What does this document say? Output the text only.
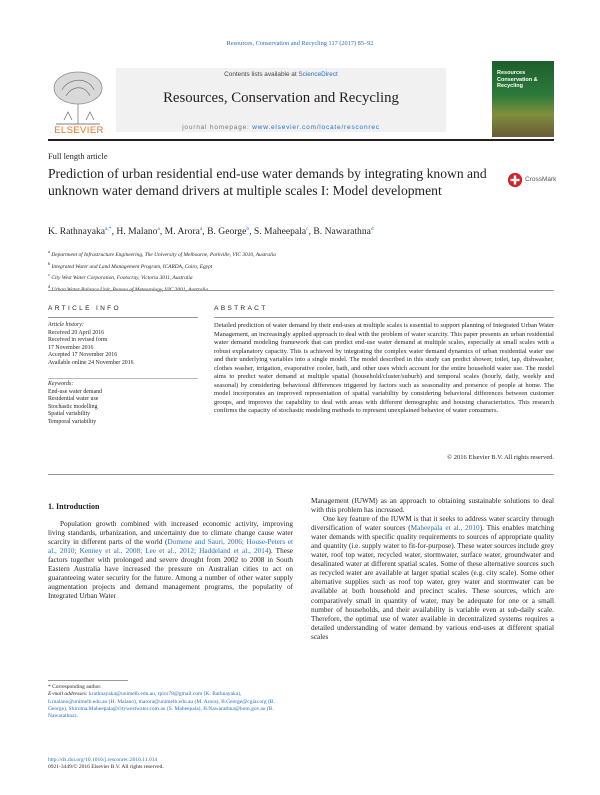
Resources, Conservation and Recycling 117 (2017) 85–92
ELSEVIER
Contents lists available at ScienceDirect
Resources, Conservation and Recycling
journal homepage: www.elsevier.com/locate/resconrec
Resources Conservation & Recycling
Full length article
Prediction of urban residential end-use water demands by integrating known and unknown water demand drivers at multiple scales I: Model development
CrossMark
K. Rathnayaka$^{a,*}$, H. Malano$^a$, M. Arora$^a$, B. George$^b$, S. Maheepala$^c$, B. Nawarathna$^d$
$^a$ Department of Infrastructure Engineering, The University of Melbourne, Parkville, VIC 3010, Australia
$^b$ Integrated Water and Land Management Program, ICARDA, Cairo, Egypt
$^c$ City West Water Corporation, Footscray, Victoria 3011, Australia
$^d$
ARTICLE INFO	ABSTRACT
Article history:
Received 20 April 2016
Received in revised form
17 November 2016
Accepted 17 November 2016
Available online 24 November 2016
Keywords:
End-use water demand
Residential water use
Stochastic modelling
Spatial variability
Temporal variability
Detailed prediction of water demand by their end-uses at multiple scales is essential to support planning of Integrated Urban Water Management, an increasingly applied approach to deal with the problem of water scarcity. This paper presents an urban residential water demand modeling framework that can predict end-use water demand at multiple scales, especially at small scales with a robust explanatory capacity. This is achieved by integrating the complex water demand dynamics of urban residential water use and their underlying variables into a single model. The model described in this study can predict shower, toilet, tap, dishwasher, clothes washer, irrigation, evaporative cooler, bath, and other uses which account for the entire household water use. The model aims to predict water demand at multiple spatial (household/cluster/suburb) and temporal scales (hourly, daily, weekly and seasonal) by considering behavioral differences triggered by factors such as seasonality and presence of people at home. The model incorporates an improved representation of spatial variability by considering behavioral differences between customer groups, and improves the capability to deal with areas with different demographic and housing characteristics. This research confirms the capacity of stochastic modeling methods to represent unexplained behavior of water consumers.
© 2016 Elsevier B.V. All rights reserved.
1. Introduction

Population growth combined with increased economic activity, improving living standards, urbanization, and uncertainty due to climate change cause water scarcity in different parts of the world (Domene and Sauri, 2006; House-Peters et al., 2010; Kenney et al., 2008; Lee et al., 2012; Haddeland et al., 2014). These factors together with prolonged and severe drought from 2002 to 2008 in South Eastern Australia have increased the pressure on Australian cities to act on guaranteeing water security for the future. Among a number of other water supply augmentation projects and demand management programs, the popularity of Integrated Urban Water

Management (IUWM) as an approach to obtaining sustainable solutions to deal with this problem has increased.

One key feature of the IUWM is that it seeks to address water scarcity through diversification of water sources (Maheepala et al., 2010). This enables matching water demands with specific quality requirements to sources of appropriate quality and quantity (i.e. supply water to fit-for-purpose). These water sources include grey water, roof top water, recycled water, stormwater, surface water, groundwater and desalinated water at different spatial scales. Some of these alternative sources such as recycled water are available at larger spatial scales (e.g. city scale). Some other alternative supplies such as roof top water, grey water and stormwater can be available at both household and precinct scales. These sources, which are comparatively small in quantity of water, may be adequate for one or a small number of households, and their availability is variable even at sub-daily scale. Therefore, the optimal use of water available in decentralized systems requires a detailed understanding of water demand by various end-uses at different spatial scales

* Corresponding author.
E-mail addresses: krathnayaka@unimelb.edu.au, rpics78@gmail.com (K. Rathnayaka), h.malano@unimelb.edu.au (H. Malano), marora@unimelb.edu.au (M. Arora), B.George@cgiar.org (B. George), Shiroma.Maheepala@citywestwater.com.au (S. Maheepala), B.Nawarathna@bom.gov.au (B. Nawarathna).
http://dx.doi.org/10.1016/j.resconrec.2016.11.014
0921-3449/© 2016 Elsevier B.V. All rights reserved.
